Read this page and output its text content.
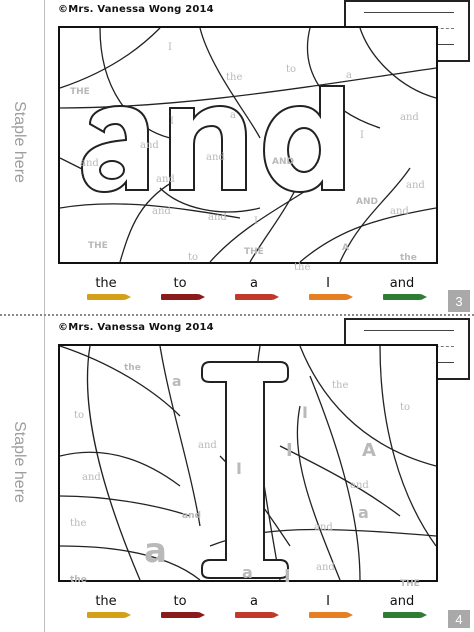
Staple here
Staple here
©Mrs. Vanessa Wong 2014
THE
I
the
to
a
I
a	and
I
and
and
and
and
AND
and
and	I
and
AND
and
THE
THE	A
to
the
the
the	to	a	I	and
3
©Mrs. Vanessa Wong 2014
the
a
to	I
the
I
and	A
to
and
and	I
a
the
and
a
and
I
a
the	THE
and
the	to	a	I	and
4
